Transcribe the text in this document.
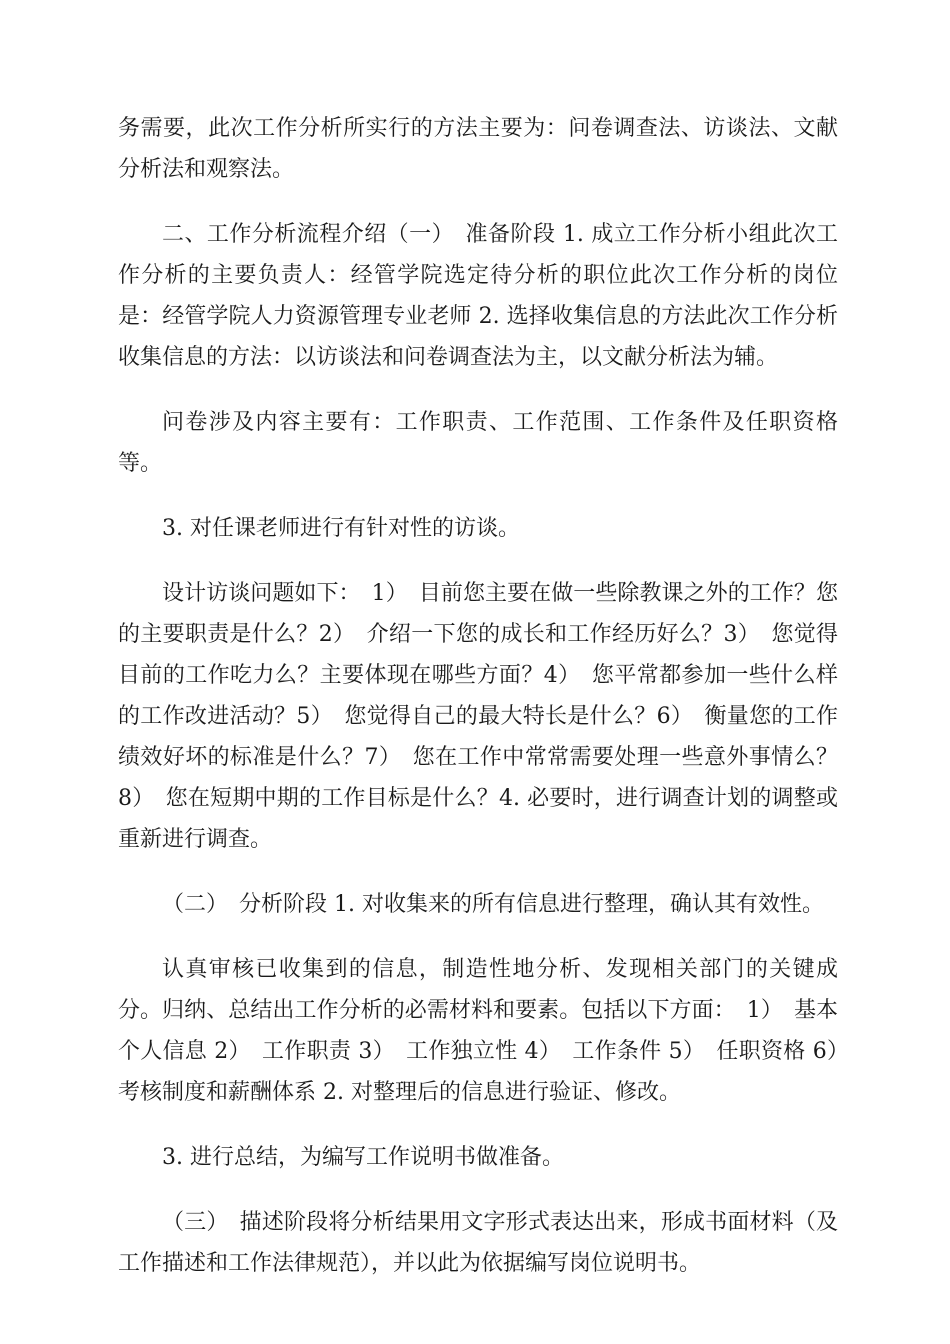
务需要，此次工作分析所实行的方法主要为：问卷调查法、访谈法、文献分析法和观察法。

二、工作分析流程介绍（一）　准备阶段 1. 成立工作分析小组此次工作分析的主要负责人：经管学院选定待分析的职位此次工作分析的岗位是：经管学院人力资源管理专业老师 2. 选择收集信息的方法此次工作分析收集信息的方法：以访谈法和问卷调查法为主，以文献分析法为辅。

问卷涉及内容主要有：工作职责、工作范围、工作条件及任职资格等。

3. 对任课老师进行有针对性的访谈。

设计访谈问题如下：　1）　目前您主要在做一些除教课之外的工作？您的主要职责是什么？2）　介绍一下您的成长和工作经历好么？3）　您觉得目前的工作吃力么？主要体现在哪些方面？4）　您平常都参加一些什么样的工作改进活动？5）　您觉得自己的最大特长是什么？6）　衡量您的工作绩效好坏的标准是什么？7）　您在工作中常常需要处理一些意外事情么？8）　您在短期中期的工作目标是什么？4. 必要时，进行调查计划的调整或重新进行调查。

（二）　分析阶段 1. 对收集来的所有信息进行整理，确认其有效性。

认真审核已收集到的信息，制造性地分析、发现相关部门的关键成分。归纳、总结出工作分析的必需材料和要素。包括以下方面：　1）　基本个人信息 2）　工作职责 3）　工作独立性 4）　工作条件 5）　任职资格 6）　考核制度和薪酬体系 2. 对整理后的信息进行验证、修改。

3. 进行总结，为编写工作说明书做准备。

（三）　描述阶段将分析结果用文字形式表达出来，形成书面材料（及工作描述和工作法律规范），并以此为依据编写岗位说明书。
